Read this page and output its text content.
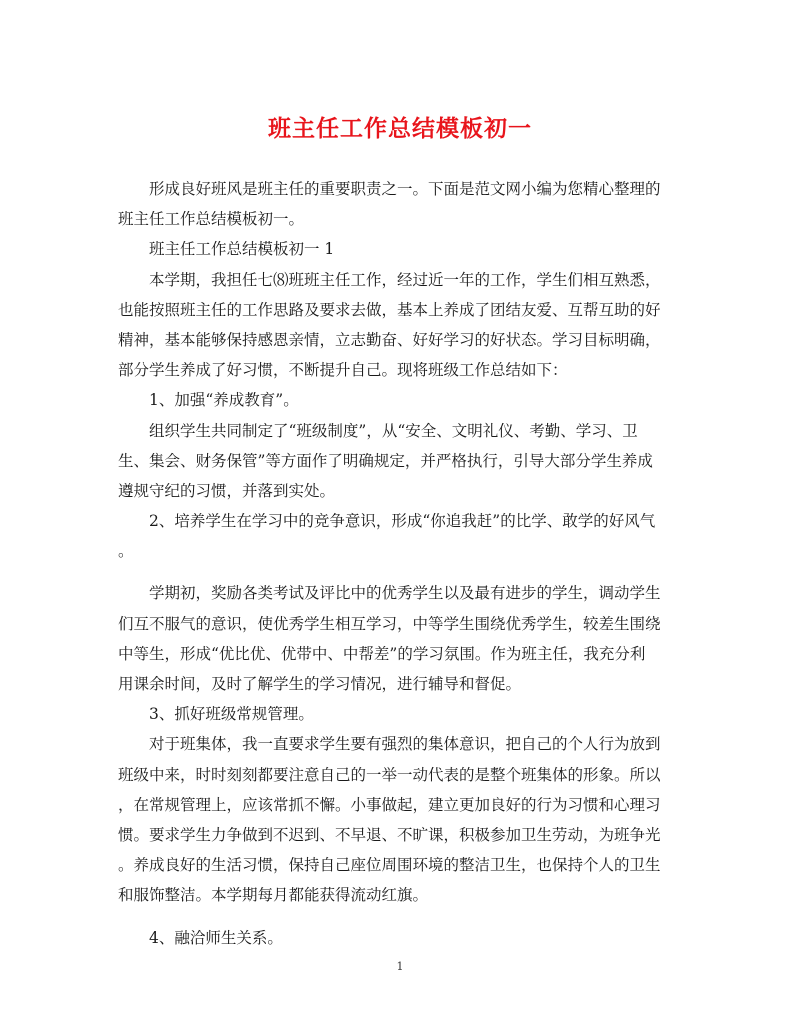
班主任工作总结模板初一
形成良好班风是班主任的重要职责之一。下面是范文网小编为您精心整理的
班主任工作总结模板初一。
班主任工作总结模板初一 1
本学期，我担任七⑻班班主任工作，经过近一年的工作，学生们相互熟悉，
也能按照班主任的工作思路及要求去做，基本上养成了团结友爱、互帮互助的好
精神，基本能够保持感恩亲情，立志勤奋、好好学习的好状态。学习目标明确，
部分学生养成了好习惯，不断提升自己。现将班级工作总结如下：
1、加强“养成教育”。
组织学生共同制定了“班级制度”，从“安全、文明礼仪、考勤、学习、卫
生、集会、财务保管”等方面作了明确规定，并严格执行，引导大部分学生养成
遵规守纪的习惯，并落到实处。
2、培养学生在学习中的竞争意识，形成“你追我赶”的比学、敢学的好风气
。
学期初，奖励各类考试及评比中的优秀学生以及最有进步的学生，调动学生
们互不服气的意识，使优秀学生相互学习，中等学生围绕优秀学生，较差生围绕
中等生，形成“优比优、优带中、中帮差”的学习氛围。作为班主任，我充分利
用课余时间，及时了解学生的学习情况，进行辅导和督促。
3、抓好班级常规管理。
对于班集体，我一直要求学生要有强烈的集体意识，把自己的个人行为放到
班级中来，时时刻刻都要注意自己的一举一动代表的是整个班集体的形象。所以
，在常规管理上，应该常抓不懈。小事做起，建立更加良好的行为习惯和心理习
惯。要求学生力争做到不迟到、不早退、不旷课，积极参加卫生劳动，为班争光
。养成良好的生活习惯，保持自己座位周围环境的整洁卫生，也保持个人的卫生
和服饰整洁。本学期每月都能获得流动红旗。
4、融洽师生关系。
1
